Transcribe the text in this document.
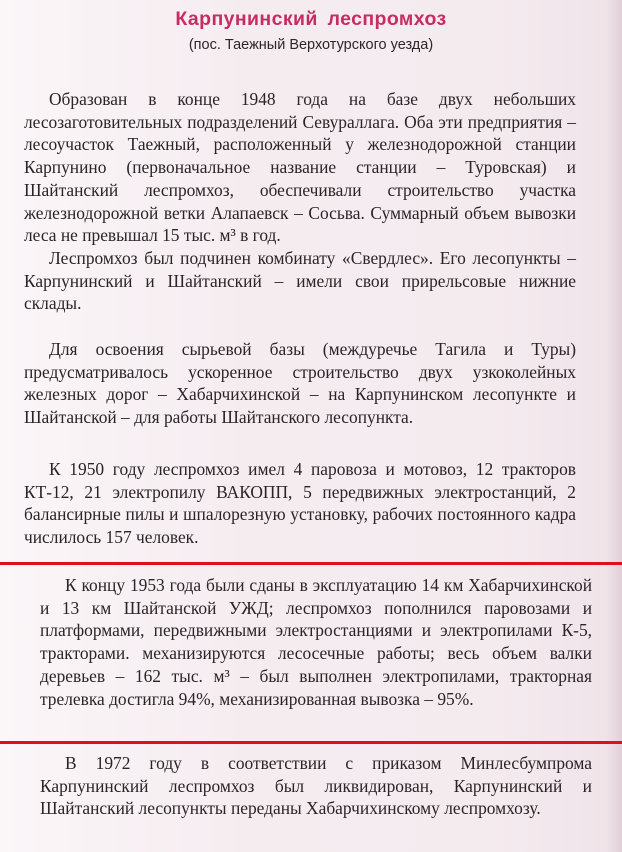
Карпунинский леспромхоз

(пос. Таежный Верхотурского уезда)

Образован в конце 1948 года на базе двух небольших лесозаготовительных подразделений Севураллага. Оба эти предприятия – лесоучасток Таежный, расположенный у железнодорожной станции Карпунино (первоначальное название станции – Туровская) и Шайтанский леспромхоз, обеспечивали строительство участка железнодорожной ветки Алапаевск – Сосьва. Суммарный объем вывозки леса не превышал 15 тыс. м³ в год.

Леспромхоз был подчинен комбинату «Свердлес». Его лесопункты – Карпунинский и Шайтанский – имели свои прирельсовые нижние склады.

Для освоения сырьевой базы (междуречье Тагила и Туры) предусматривалось ускоренное строительство двух узкоколейных железных дорог – Хабарчихинской – на Карпунинском лесопункте и Шайтанской – для работы Шайтанского лесопункта.

К 1950 году леспромхоз имел 4 паровоза и мотовоз, 12 тракторов КТ-12, 21 электропилу ВАКОПП, 5 передвижных электростанций, 2 балансирные пилы и шпалорезную установку, рабочих постоянного кадра числилось 157 человек.

К концу 1953 года были сданы в эксплуатацию 14 км Хабарчихинской и 13 км Шайтанской УЖД; леспромхоз пополнился паровозами и платформами, передвижными электростанциями и электропилами К-5, тракторами. механизируются лесосечные работы; весь объем валки деревьев – 162 тыс. м³ – был выполнен электропилами, тракторная трелевка достигла 94%, механизированная вывозка – 95%.

В 1972 году в соответствии с приказом Минлесбумпрома Карпунинский леспромхоз был ликвидирован, Карпунинский и Шайтанский лесопункты переданы Хабарчихинскому леспромхозу.
